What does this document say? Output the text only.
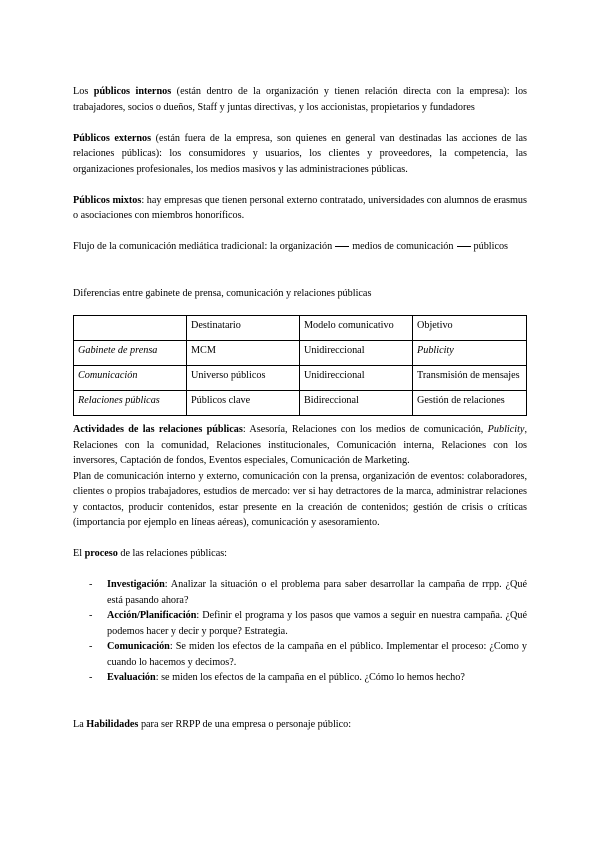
Los públicos internos (están dentro de la organización y tienen relación directa con la empresa): los trabajadores, socios o dueños, Staff y juntas directivas, y los accionistas, propietarios y fundadores

Públicos externos (están fuera de la empresa, son quienes en general van destinadas las acciones de las relaciones públicas): los consumidores y usuarios, los clientes y proveedores, la competencia, las organizaciones profesionales, los medios masivos y las administraciones públicas.

Públicos mixtos: hay empresas que tienen personal externo contratado, universidades con alumnos de erasmus o asociaciones con miembros honoríficos.

Flujo de la comunicación mediática tradicional: la organización medios de comunicación públicos

Diferencias entre gabinete de prensa, comunicación y relaciones públicas

	Destinatario	Modelo comunicativo	Objetivo
Gabinete de prensa	MCM	Unidireccional	Publicity
Comunicación	Universo públicos	Unidireccional	Transmisión de mensajes
Relaciones públicas	Públicos clave	Bidireccional	Gestión de relaciones

Actividades de las relaciones públicas: Asesoría, Relaciones con los medios de comunicación, Publicity, Relaciones con la comunidad, Relaciones institucionales, Comunicación interna, Relaciones con los inversores, Captación de fondos, Eventos especiales, Comunicación de Marketing.

Plan de comunicación interno y externo, comunicación con la prensa, organización de eventos: colaboradores, clientes o propios trabajadores, estudios de mercado: ver si hay detractores de la marca, administrar relaciones y contactos, producir contenidos, estar presente en la creación de contenidos; gestión de crisis o críticas (importancia por ejemplo en líneas aéreas), comunicación y asesoramiento.

El proceso de las relaciones públicas:

- Investigación: Analizar la situación o el problema para saber desarrollar la campaña de rrpp. ¿Qué está pasando ahora?
- Acción/Planificación: Definir el programa y los pasos que vamos a seguir en nuestra campaña. ¿Qué podemos hacer y decir y porque? Estrategia.
- Comunicación: Se miden los efectos de la campaña en el público. Implementar el proceso: ¿Como y cuando lo hacemos y decimos?.
- Evaluación: se miden los efectos de la campaña en el público. ¿Cómo lo hemos hecho?

La Habilidades para ser RRPP de una empresa o personaje público:
